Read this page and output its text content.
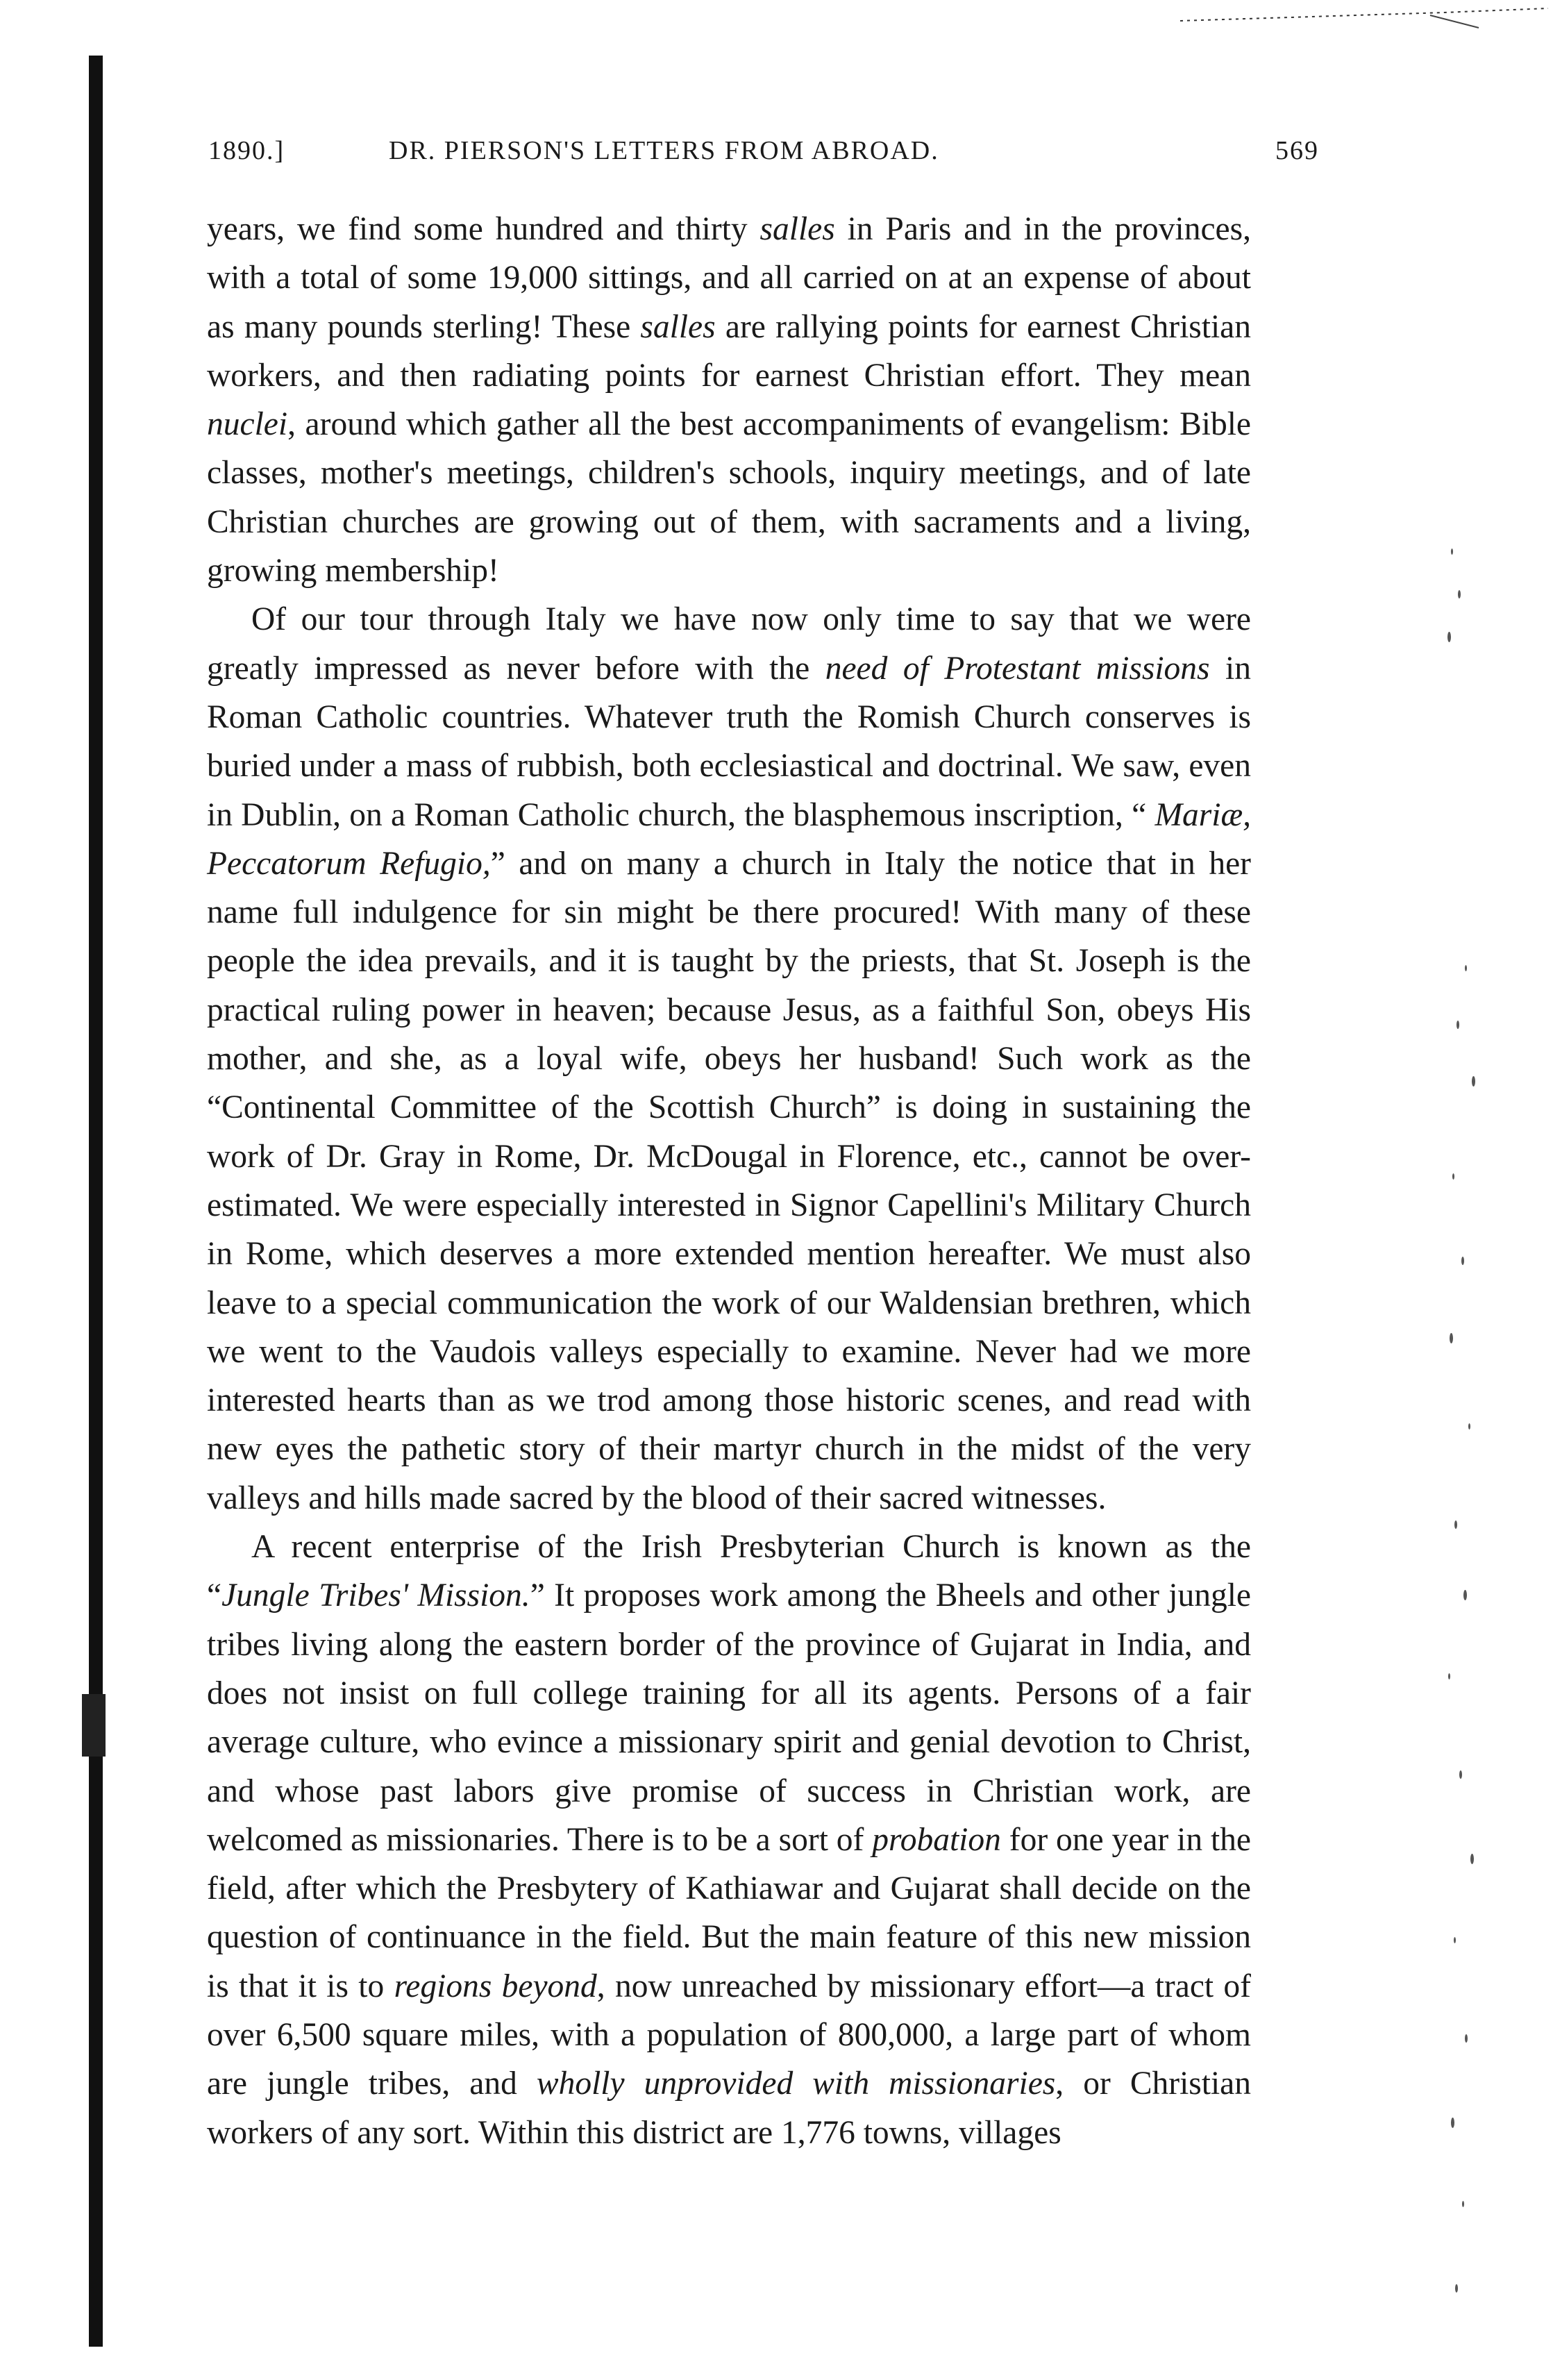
1890.]	DR. PIERSON'S LETTERS FROM ABROAD.	569

years, we find some hundred and thirty salles in Paris and in the provinces, with a total of some 19,000 sittings, and all carried on at an expense of about as many pounds sterling! These salles are rallying points for earnest Christian workers, and then radiating points for earnest Christian effort. They mean nuclei, around which gather all the best accompaniments of evangelism: Bible classes, mother's meetings, children's schools, inquiry meetings, and of late Christian churches are growing out of them, with sacraments and a living, growing membership!

Of our tour through Italy we have now only time to say that we were greatly impressed as never before with the need of Protestant missions in Roman Catholic countries. Whatever truth the Romish Church conserves is buried under a mass of rubbish, both ecclesiastical and doctrinal. We saw, even in Dublin, on a Roman Catholic church, the blasphemous inscription, “ Mariæ, Peccatorum Refugio,” and on many a church in Italy the notice that in her name full indulgence for sin might be there procured! With many of these people the idea prevails, and it is taught by the priests, that St. Joseph is the practical ruling power in heaven; because Jesus, as a faithful Son, obeys His mother, and she, as a loyal wife, obeys her husband! Such work as the “Continental Committee of the Scottish Church” is doing in sustaining the work of Dr. Gray in Rome, Dr. McDougal in Florence, etc., cannot be over-estimated. We were especially interested in Signor Capellini's Military Church in Rome, which deserves a more extended mention hereafter. We must also leave to a special communication the work of our Waldensian brethren, which we went to the Vaudois valleys especially to examine. Never had we more interested hearts than as we trod among those historic scenes, and read with new eyes the pathetic story of their martyr church in the midst of the very valleys and hills made sacred by the blood of their sacred witnesses.

A recent enterprise of the Irish Presbyterian Church is known as the “Jungle Tribes' Mission.” It proposes work among the Bheels and other jungle tribes living along the eastern border of the province of Gujarat in India, and does not insist on full college training for all its agents. Persons of a fair average culture, who evince a missionary spirit and genial devotion to Christ, and whose past labors give promise of success in Christian work, are welcomed as missionaries. There is to be a sort of probation for one year in the field, after which the Presbytery of Kathiawar and Gujarat shall decide on the question of continuance in the field. But the main feature of this new mission is that it is to regions beyond, now unreached by missionary effort—a tract of over 6,500 square miles, with a population of 800,000, a large part of whom are jungle tribes, and wholly unprovided with missionaries, or Christian workers of any sort. Within this district are 1,776 towns, villages
